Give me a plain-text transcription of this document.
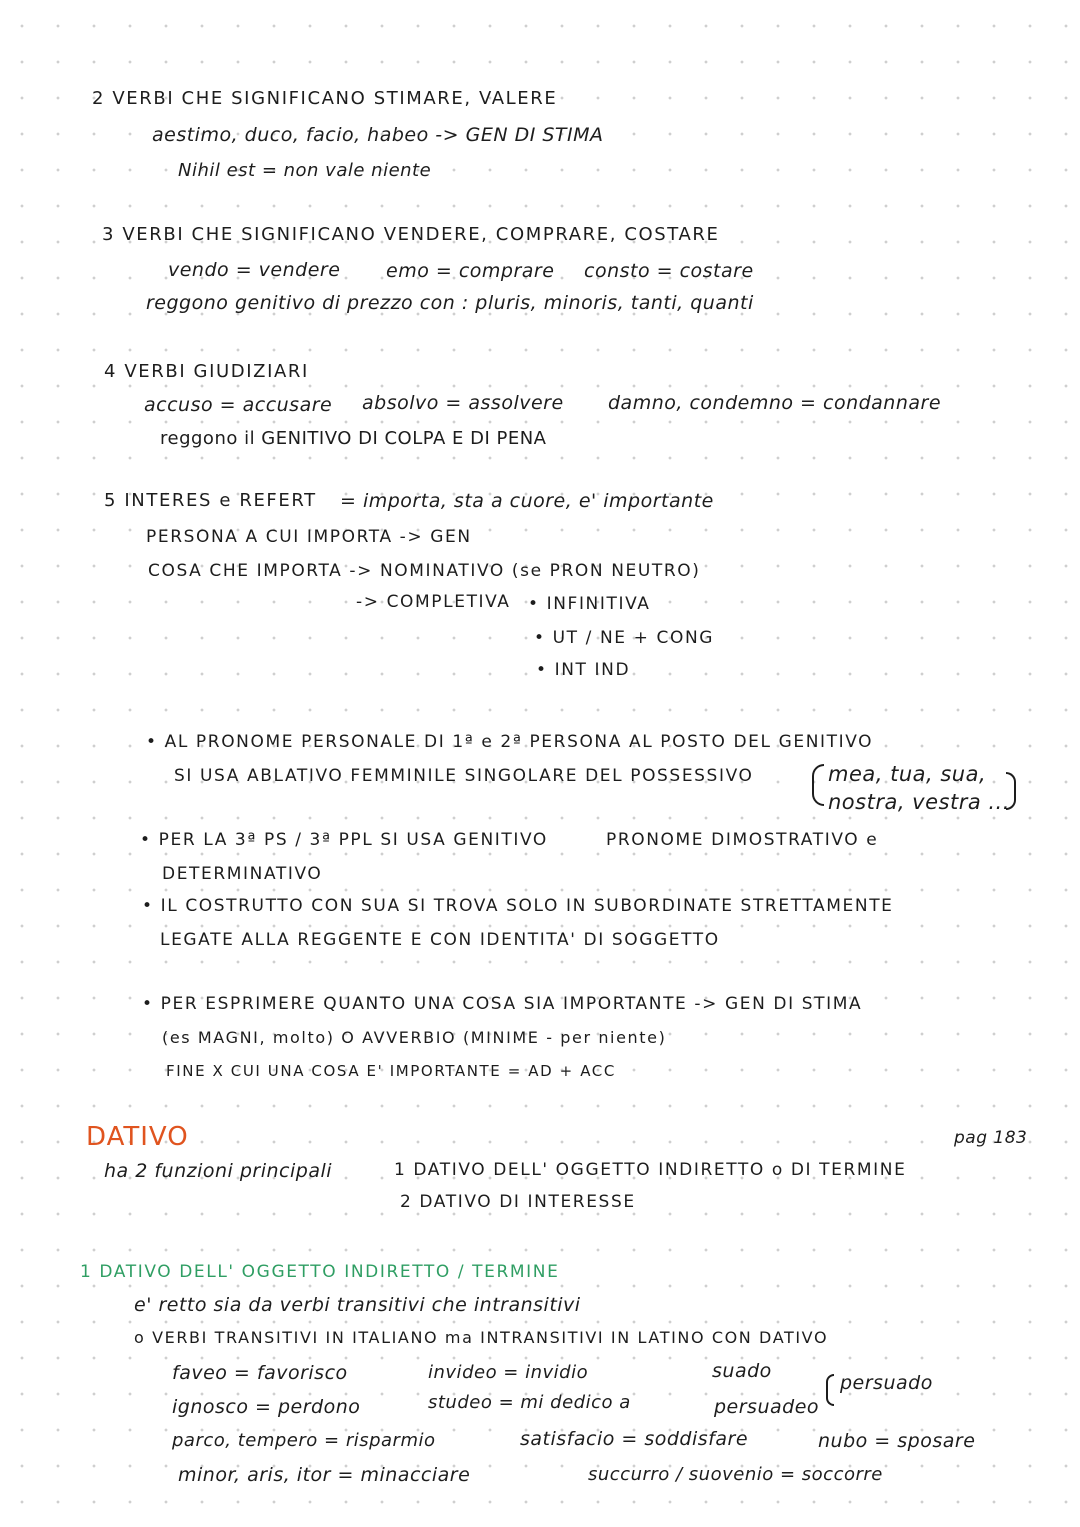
2 VERBI CHE SIGNIFICANO STIMARE, VALERE
aestimo, duco, facio, habeo -> GEN DI STIMA
Nihil est = non vale niente
3 VERBI CHE SIGNIFICANO VENDERE, COMPRARE, COSTARE
vendo = vendere emo = comprare consto = costare
reggono genitivo di prezzo con : pluris, minoris, tanti, quanti
4 VERBI GIUDIZIARI
accuso = accusare absolvo = assolvere damno, condemno = condannare
reggono il GENITIVO DI COLPA E DI PENA
5 INTERES e REFERT = importa, sta a cuore, e' importante
PERSONA A CUI IMPORTA -> GEN
COSA CHE IMPORTA -> NOMINATIVO (se PRON NEUTRO)
-> COMPLETIVA • INFINITIVA
• UT / NE + CONG
• INT IND
• AL PRONOME PERSONALE DI 1ª e 2ª PERSONA AL POSTO DEL GENITIVO
SI USA ABLATIVO FEMMINILE SINGOLARE DEL POSSESSIVO	mea, tua, sua,
nostra, vestra ...
• PER LA 3ª PS / 3ª PPL SI USA GENITIVO	PRONOME DIMOSTRATIVO e
DETERMINATIVO
• IL COSTRUTTO CON SUA SI TROVA SOLO IN SUBORDINATE STRETTAMENTE
LEGATE ALLA REGGENTE E CON IDENTITA' DI SOGGETTO
• PER ESPRIMERE QUANTO UNA COSA SIA IMPORTANTE -> GEN DI STIMA
(es MAGNI, molto) O AVVERBIO (MINIME - per niente)
FINE X CUI UNA COSA E' IMPORTANTE = AD + ACC
DATIVO	pag 183
ha 2 funzioni principali	1 DATIVO DELL' OGGETTO INDIRETTO o DI TERMINE
2 DATIVO DI INTERESSE
1 DATIVO DELL' OGGETTO INDIRETTO / TERMINE
e' retto sia da verbi transitivi che intransitivi
o VERBI TRANSITIVI IN ITALIANO ma INTRANSITIVI IN LATINO CON DATIVO
faveo = favorisco	invideo = invidio	suado
persuado
ignosco = perdono	studeo = mi dedico a	persuadeo
parco, tempero = risparmio	satisfacio = soddisfare	nubo = sposare
minor, aris, itor = minacciare	succurro / suovenio = soccorre
